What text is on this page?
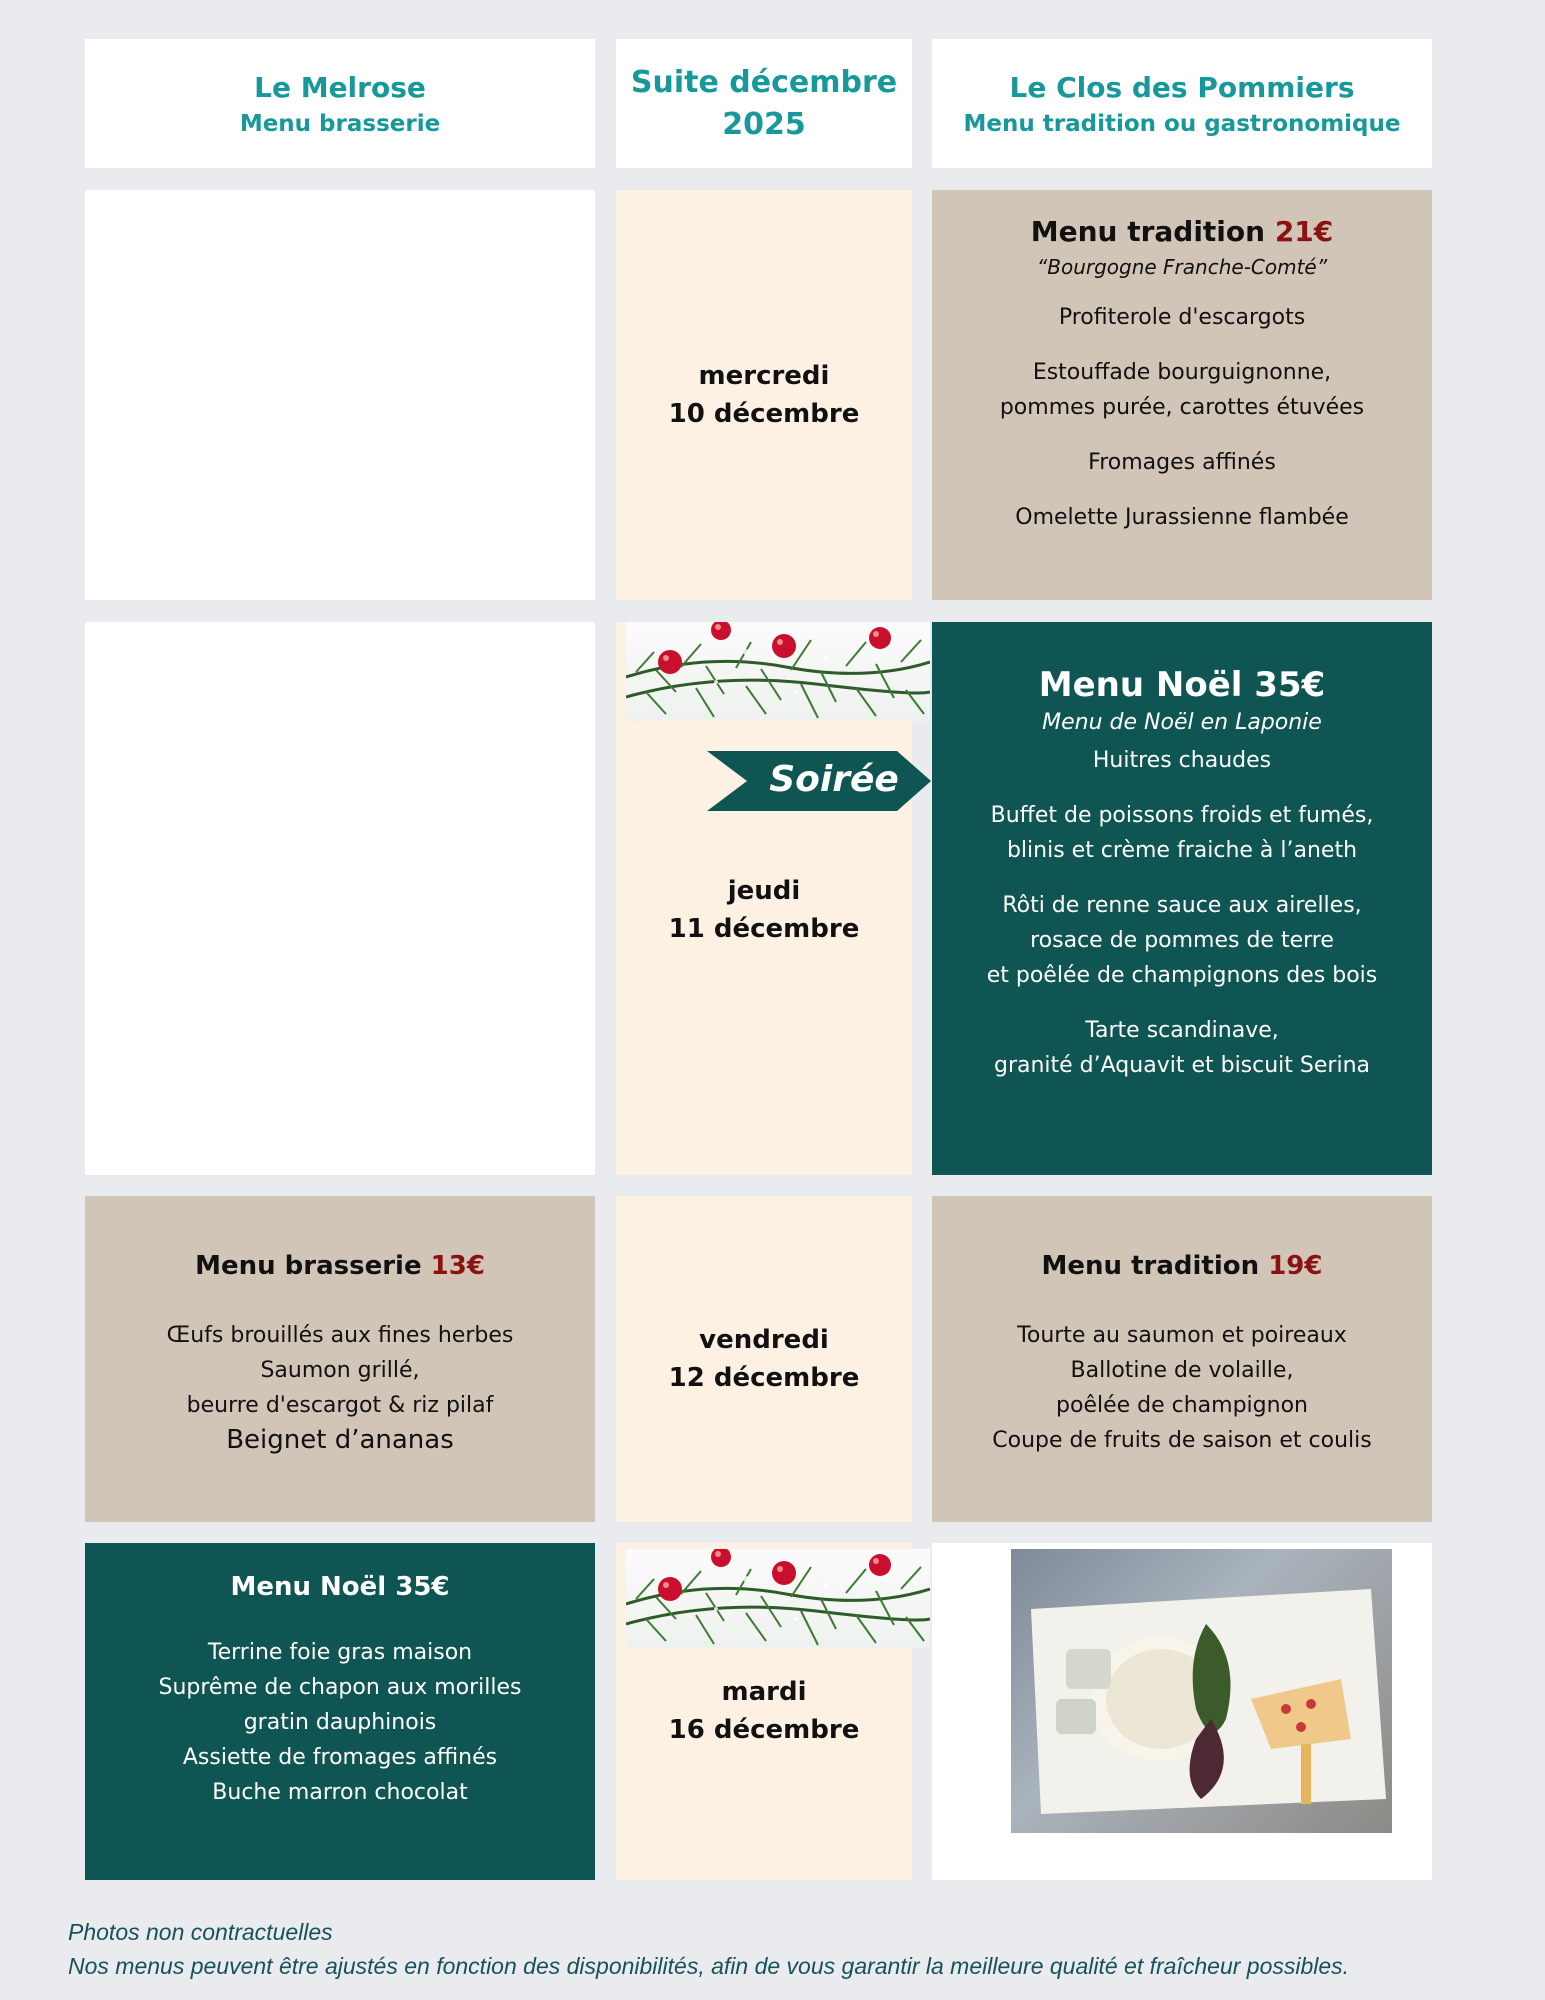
Le Melrose
Menu brasserie
Suite décembre
2025
Le Clos des Pommiers
Menu tradition ou gastronomique
mercredi
10 décembre
Menu tradition 21€
“Bourgogne Franche-Comté”
Profiterole d'escargots
Estouffade bourguignonne,
pommes purée, carottes étuvées
Fromages affinés
Omelette Jurassienne flambée
jeudi
11 décembre
Soirée
Menu Noël 35€
Menu de Noël en Laponie
Huitres chaudes
Buffet de poissons froids et fumés,
blinis et crème fraiche à l’aneth
Rôti de renne sauce aux airelles,
rosace de pommes de terre
et poêlée de champignons des bois
Tarte scandinave,
granité d’Aquavit et biscuit Serina
Menu brasserie 13€
Œufs brouillés aux fines herbes
Saumon grillé,
beurre d'escargot & riz pilaf
Beignet d’ananas
vendredi
12 décembre
Menu tradition 19€
Tourte au saumon et poireaux
Ballotine de volaille,
poêlée de champignon
Coupe de fruits de saison et coulis
Menu Noël 35€
Terrine foie gras maison
Suprême de chapon aux morilles
gratin dauphinois
Assiette de fromages affinés
Buche marron chocolat
mardi
16 décembre
Photos non contractuelles
Nos menus peuvent être ajustés en fonction des disponibilités, afin de vous garantir la meilleure qualité et fraîcheur possibles.
